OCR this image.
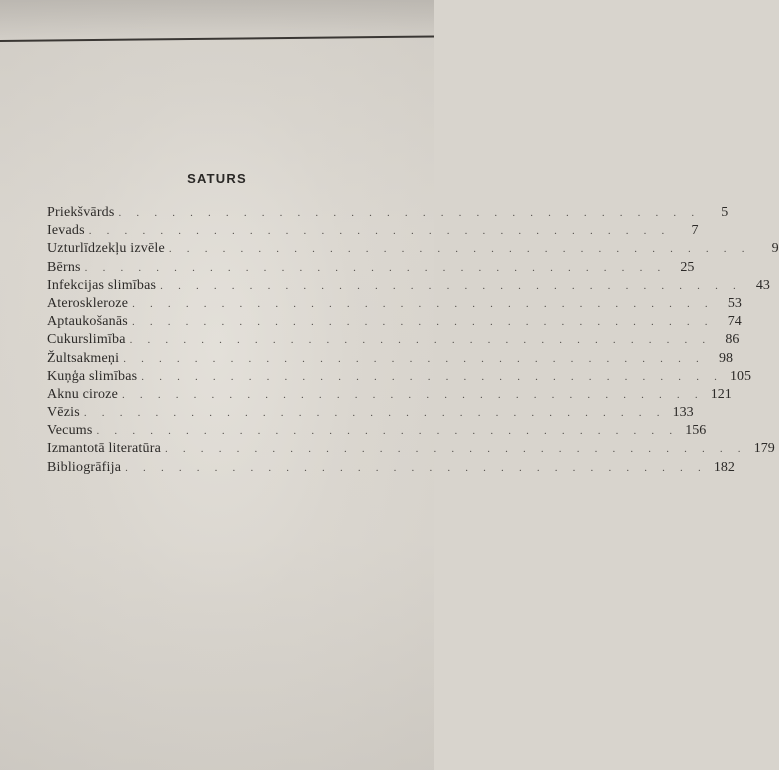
SATURS
Priekšvārds . . . . . . . . . . . . . . . . . . . . . . . . . . . . . . . . .	5
Ievads . . . . . . . . . . . . . . . . . . . . . . . . . . . . . . . . .	7
Uzturlīdzekļu izvēle . . . . . . . . . . . . . . . . . . . . . . . . . . . . . . . . .	9
Bērns . . . . . . . . . . . . . . . . . . . . . . . . . . . . . . . . .	25
Infekcijas slimības . . . . . . . . . . . . . . . . . . . . . . . . . . . . . . . . .	43
Ateroskleroze . . . . . . . . . . . . . . . . . . . . . . . . . . . . . . . . .	53
Aptaukošanās . . . . . . . . . . . . . . . . . . . . . . . . . . . . . . . . .	74
Cukurslimība . . . . . . . . . . . . . . . . . . . . . . . . . . . . . . . . .	86
Žultsakmeņi . . . . . . . . . . . . . . . . . . . . . . . . . . . . . . . . .	98
Kuņģa slimības . . . . . . . . . . . . . . . . . . . . . . . . . . . . . . . . . 105
Aknu ciroze . . . . . . . . . . . . . . . . . . . . . . . . . . . . . . . . . 121
Vēzis . . . . . . . . . . . . . . . . . . . . . . . . . . . . . . . . . 133
Vecums . . . . . . . . . . . . . . . . . . . . . . . . . . . . . . . . . 156
Izmantotā literatūra . . . . . . . . . . . . . . . . . . . . . . . . . . . . . . . . . 179
Bibliogrāfija . . . . . . . . . . . . . . . . . . . . . . . . . . . . . . . . . 182
